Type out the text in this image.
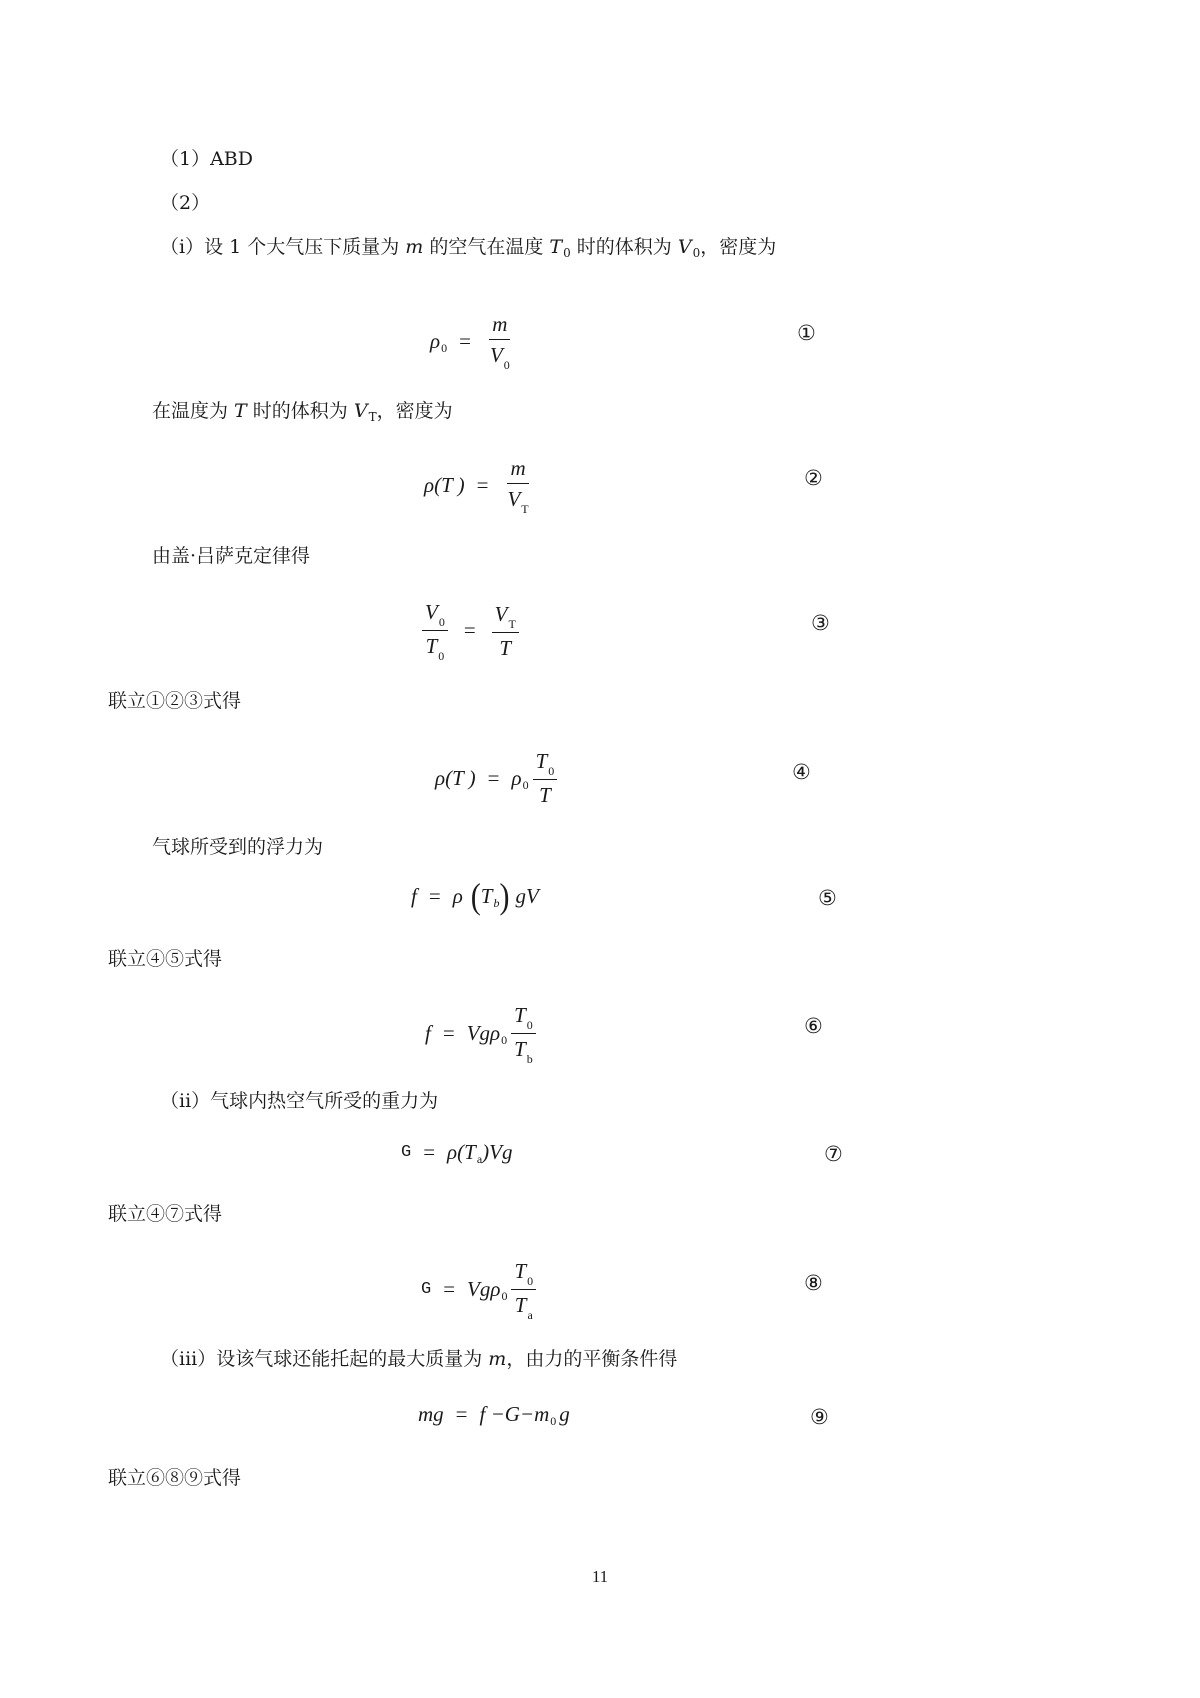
（1）ABD
（2）
（i）设 1 个大气压下质量为 m 的空气在温度 $T_0$ 时的体积为 $V_0$，密度为
ρ $0 = \frac{m}{V_0}$	①
在温度为 T 时的体积为 $V_T$，密度为
ρ(T ) = $\frac{m}{V_T}$	②
由盖·吕萨克定律得
$\frac{V_0}{T_0} = \frac{V_T}{T}$	③
联立①②③式得
ρ(T ) = ρ $0 \frac{T_0}{T}$	④
气球所受到的浮力为
f = ρ ( T b ) gV	⑤
联立④⑤式得
f = Vgρ $0 \frac{T_0}{T_b}$	⑥
（ii）气球内热空气所受的重力为
G = ρ(T a )Vg	⑦
联立④⑦式得
G = Vgρ $0 \frac{T_0}{T_a}$	⑧
（iii）设该气球还能托起的最大质量为 m，由力的平衡条件得
mg = f −G−m 0 g	⑨
联立⑥⑧⑨式得
11
